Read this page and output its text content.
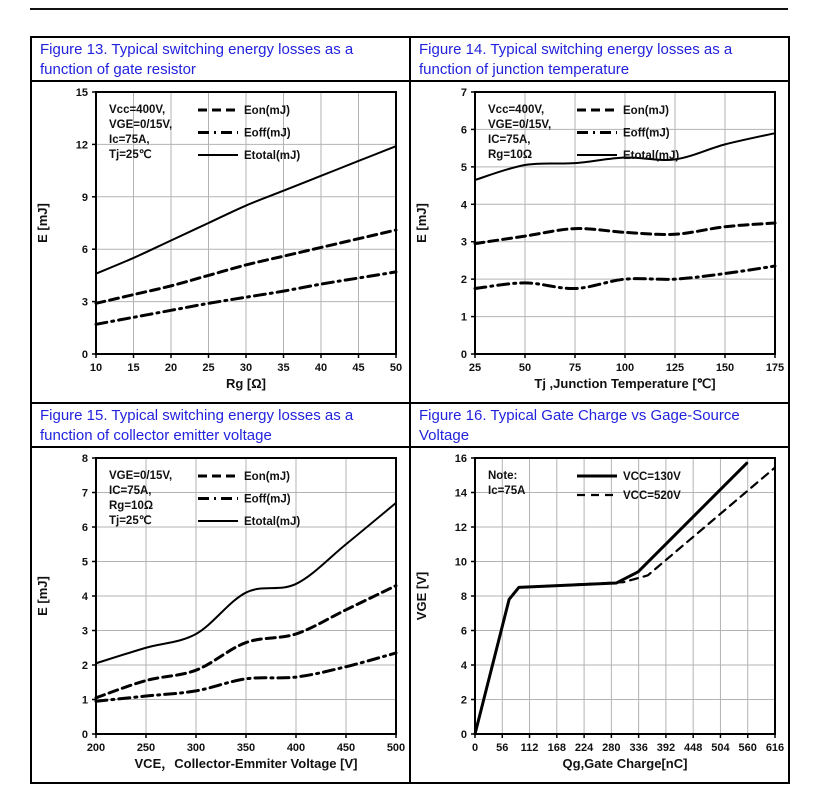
Figure 13. Typical switching energy losses as a function of gate resistor
Figure 14. Typical switching energy losses as a function of junction temperature
10 15 20 25 30 35 40 45 50
0
3
6
9
12
15
Rg [Ω]
E [mJ]
Vcc=400V,
VGE=0/15V,
Ic=75A,
Tj=25℃
Eon(mJ)
Eoff(mJ)
Etotal(mJ)
25	50	75	100	125	150	175
0
1
2
3
4
5
6
7
Tj ,Junction Temperature [℃]
E [mJ]
Vcc=400V,
VGE=0/15V,
IC=75A,
Rg=10Ω
Eon(mJ)
Eoff(mJ)
Etotal(mJ)
Figure 15. Typical switching energy losses as a function of collector emitter voltage
Figure 16. Typical Gate Charge vs Gage-Source Voltage
200	250	300	350	400	450	500
0
1
2
3
4
5
6
7
8
VCE，Collector-Emmiter Voltage [V]
E [mJ]
VGE=0/15V,
IC=75A,
Rg=10Ω
Tj=25℃
Eon(mJ)
Eoff(mJ)
Etotal(mJ)
0 56 112 168 224 280 336 392 448 504 560 616
0
2
4
6
8
10
12
14
16
Qg,Gate Charge[nC]
VGE [V]
Note:
Ic=75A
VCC=130V
VCC=520V
